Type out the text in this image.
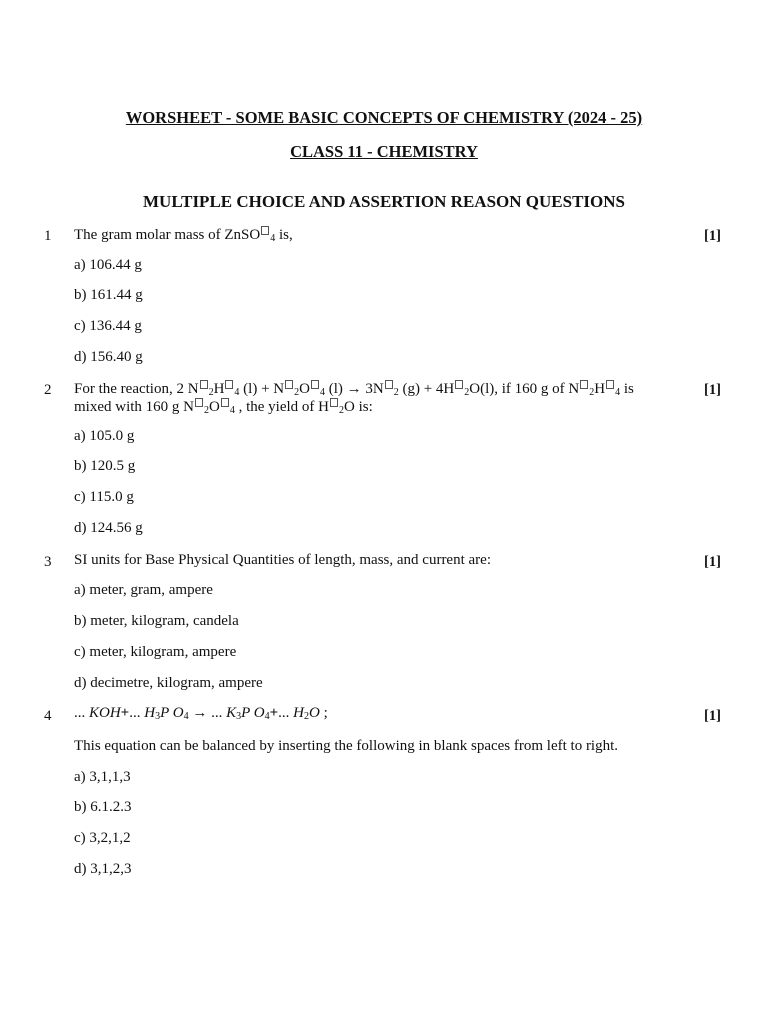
WORSHEET - SOME BASIC CONCEPTS OF CHEMISTRY (2024 - 25)
CLASS 11 - CHEMISTRY
MULTIPLE CHOICE AND ASSERTION REASON QUESTIONS
1 The gram molar mass of ZnSO $_4$ is,	[1]
a) 106.44 g
b) 161.44 g
c) 136.44 g
d) 156.40 g
2 For the reaction, 2 N $_2$H $_4$ (l) + N $_2$O $_4$ (l) → 3N $_2$ (g) + 4H $_2$O(l), if 160 g of N $_2$H $_4$ is
mixed with 160 g N $_2$O $_4$ , the yield of H $_2$O is:
[1]
a) 105.0 g
b) 120.5 g
c) 115.0 g
d) 124.56 g
3 SI units for Base Physical Quantities of length, mass, and current are:	[1]
a) meter, gram, ampere
b) meter, kilogram, candela
c) meter, kilogram, ampere
d) decimetre, kilogram, ampere
4 ... KOH+... $H_3P$ $O_4$ → ... $K_3P$ $O_4+$... $H_2O$ ;	[1]
This equation can be balanced by inserting the following in blank spaces from left to right.
a) 3,1,1,3
b) 6.1.2.3
c) 3,2,1,2
d) 3,1,2,3
